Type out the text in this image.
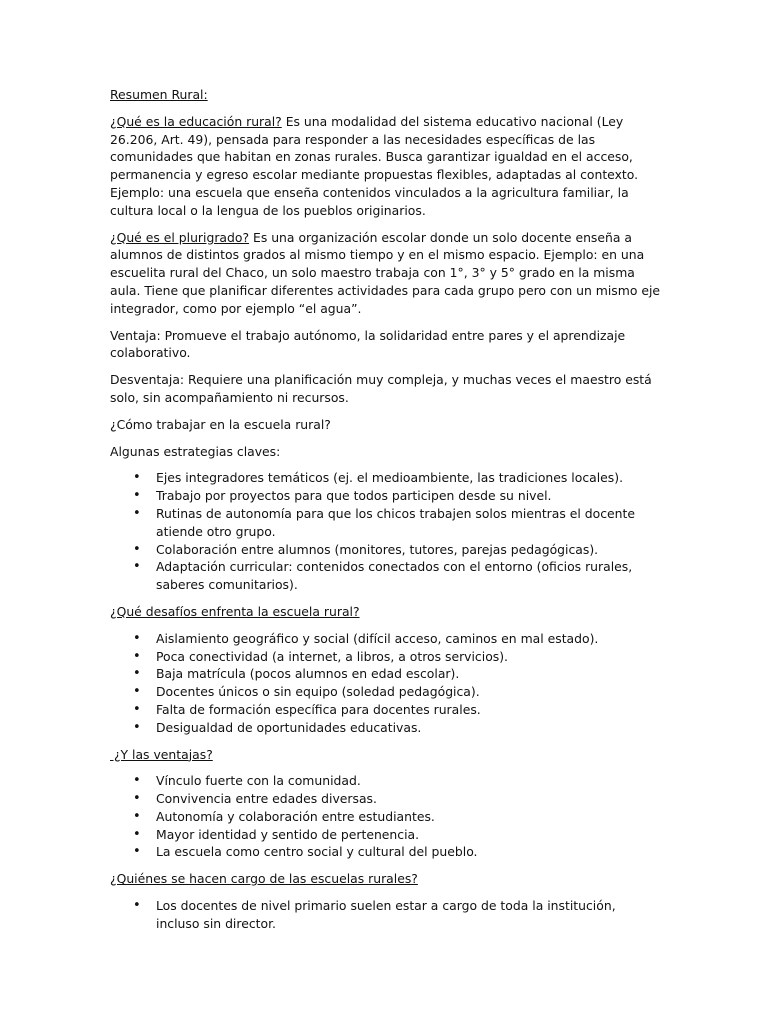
Resumen Rural:

¿Qué es la educación rural? Es una modalidad del sistema educativo nacional (Ley 26.206, Art. 49), pensada para responder a las necesidades específicas de las comunidades que habitan en zonas rurales. Busca garantizar igualdad en el acceso, permanencia y egreso escolar mediante propuestas flexibles, adaptadas al contexto. Ejemplo: una escuela que enseña contenidos vinculados a la agricultura familiar, la cultura local o la lengua de los pueblos originarios.

¿Qué es el plurigrado? Es una organización escolar donde un solo docente enseña a alumnos de distintos grados al mismo tiempo y en el mismo espacio. Ejemplo: en una escuelita rural del Chaco, un solo maestro trabaja con 1°, 3° y 5° grado en la misma aula. Tiene que planificar diferentes actividades para cada grupo pero con un mismo eje integrador, como por ejemplo “el agua”.

Ventaja: Promueve el trabajo autónomo, la solidaridad entre pares y el aprendizaje colaborativo.

Desventaja: Requiere una planificación muy compleja, y muchas veces el maestro está solo, sin acompañamiento ni recursos.

¿Cómo trabajar en la escuela rural?

Algunas estrategias claves:

• Ejes integradores temáticos (ej. el medioambiente, las tradiciones locales).
• Trabajo por proyectos para que todos participen desde su nivel.
• Rutinas de autonomía para que los chicos trabajen solos mientras el docente atiende otro grupo.
• Colaboración entre alumnos (monitores, tutores, parejas pedagógicas).
• Adaptación curricular: contenidos conectados con el entorno (oficios rurales, saberes comunitarios).

¿Qué desafíos enfrenta la escuela rural?

• Aislamiento geográfico y social (difícil acceso, caminos en mal estado).
• Poca conectividad (a internet, a libros, a otros servicios).
• Baja matrícula (pocos alumnos en edad escolar).
• Docentes únicos o sin equipo (soledad pedagógica).
• Falta de formación específica para docentes rurales.
• Desigualdad de oportunidades educativas.

¿Y las ventajas?

• Vínculo fuerte con la comunidad.
• Convivencia entre edades diversas.
• Autonomía y colaboración entre estudiantes.
• Mayor identidad y sentido de pertenencia.
• La escuela como centro social y cultural del pueblo.

¿Quiénes se hacen cargo de las escuelas rurales?

• Los docentes de nivel primario suelen estar a cargo de toda la institución, incluso sin director.
